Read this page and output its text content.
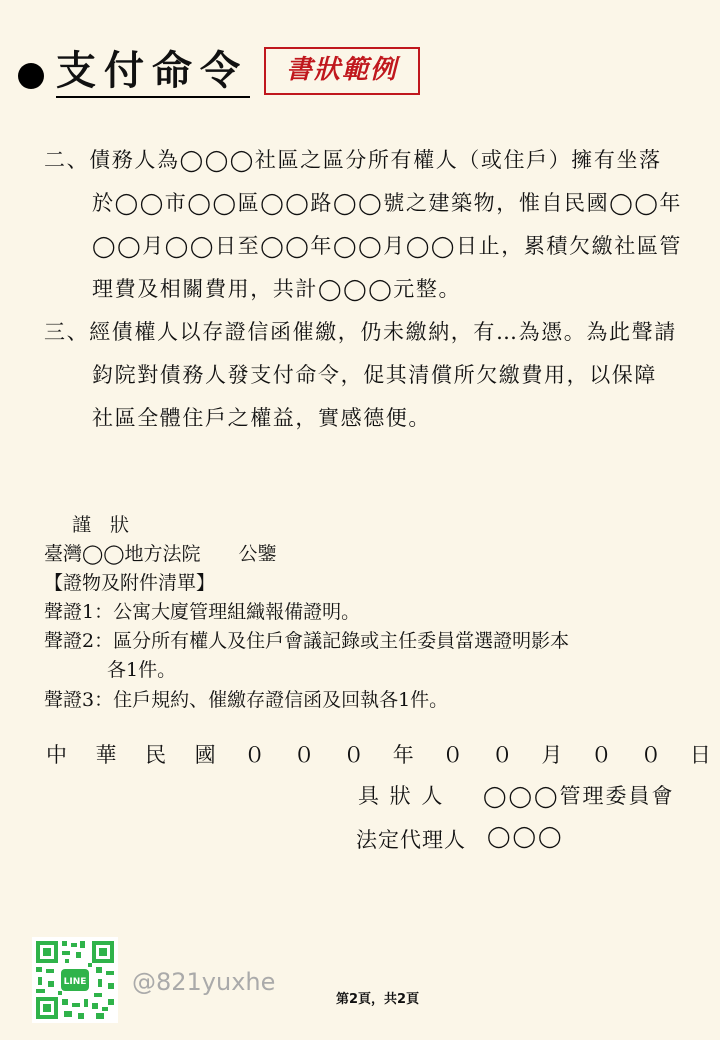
支付命令	書狀範例
二、債務人為◯◯◯社區之區分所有權人（或住戶）擁有坐落
於◯◯市◯◯區◯◯路◯◯號之建築物，惟自民國◯◯年
◯◯月◯◯日至◯◯年◯◯月◯◯日止，累積欠繳社區管
理費及相關費用，共計◯◯◯元整。
三、經債權人以存證信函催繳，仍未繳納，有…為憑。為此聲請
鈞院對債務人發支付命令，促其清償所欠繳費用，以保障
社區全體住戶之權益，實感德便。
謹　狀
臺灣◯◯地方法院　　公鑒
【證物及附件清單】
聲證1：公寓大廈管理組織報備證明。
聲證2：區分所有權人及住戶會議記錄或主任委員當選證明影本
　　　 各1件。
聲證3：住戶規約、催繳存證信函及回執各1件。
中 華 民 國 ０ ０ ０ 年 ０ ０ 月 ０ ０ 日
具 狀 人 ◯◯◯管理委員會
法定代理人 ◯◯◯
LINE @821yuxhe
第2頁，共2頁
